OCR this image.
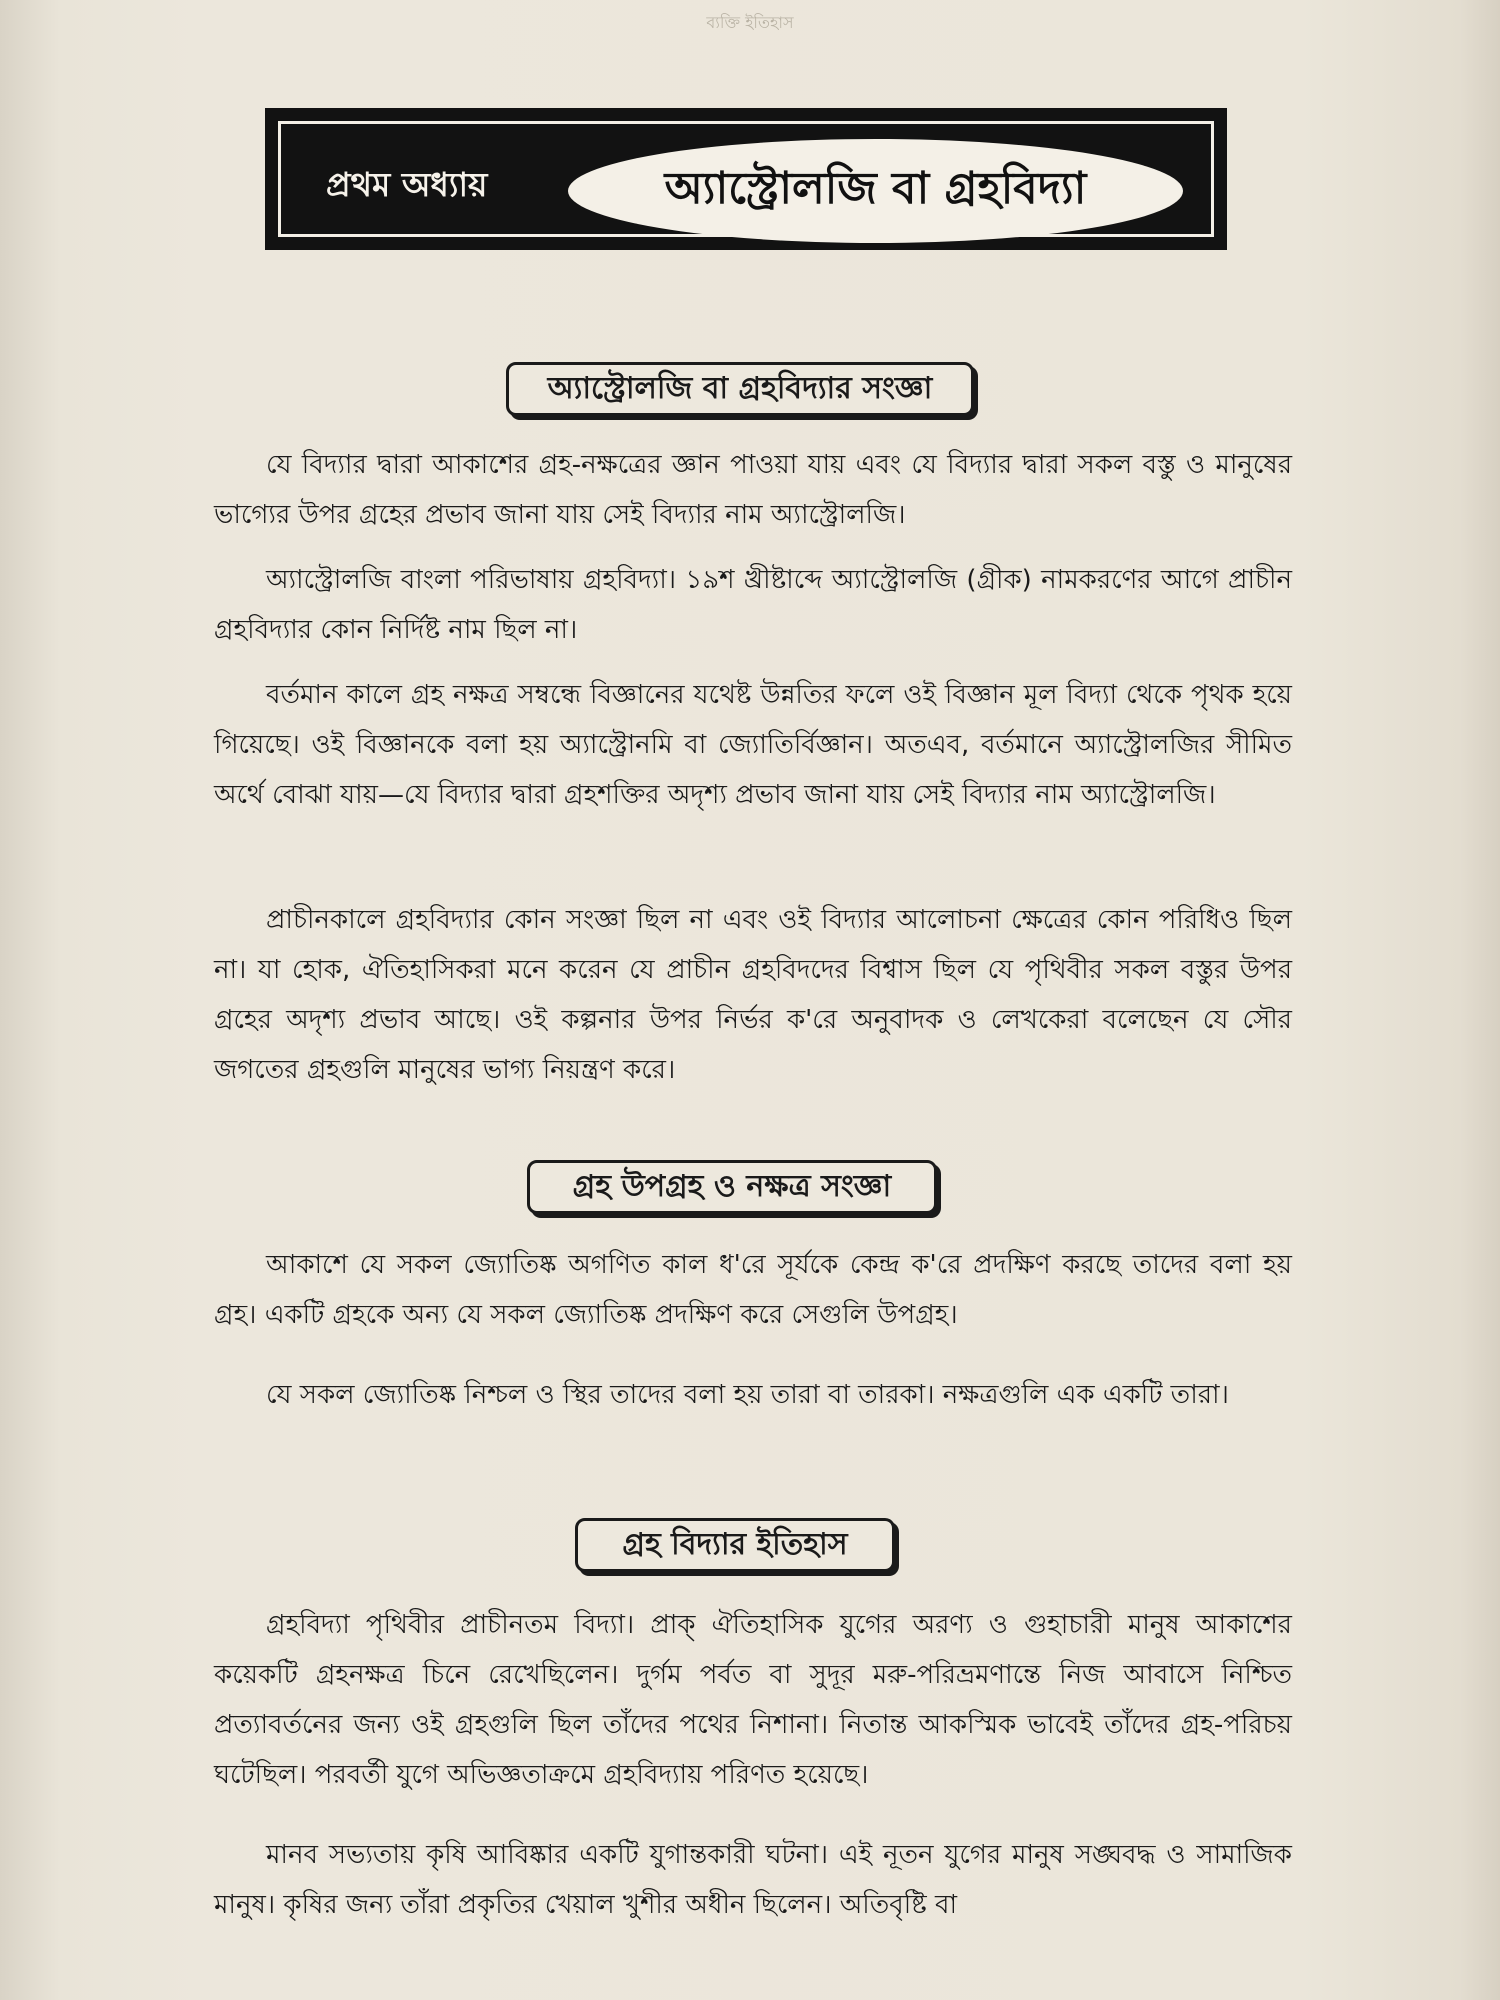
ব্যক্তি ইতিহাস
প্রথম অধ্যায়	অ্যাস্ট্রোলজি বা গ্রহবিদ্যা
অ্যাস্ট্রোলজি বা গ্রহবিদ্যার সংজ্ঞা

যে বিদ্যার দ্বারা আকাশের গ্রহ-নক্ষত্রের জ্ঞান পাওয়া যায় এবং যে বিদ্যার দ্বারা সকল বস্তু ও মানুষের ভাগ্যের উপর গ্রহের প্রভাব জানা যায় সেই বিদ্যার নাম অ্যাস্ট্রোলজি।

অ্যাস্ট্রোলজি বাংলা পরিভাষায় গ্রহবিদ্যা। ১৯শ খ্রীষ্টাব্দে অ্যাস্ট্রোলজি (গ্রীক) নামকরণের আগে প্রাচীন গ্রহবিদ্যার কোন নির্দিষ্ট নাম ছিল না।

বর্তমান কালে গ্রহ নক্ষত্র সম্বন্ধে বিজ্ঞানের যথেষ্ট উন্নতির ফলে ওই বিজ্ঞান মূল বিদ্যা থেকে পৃথক হয়ে গিয়েছে। ওই বিজ্ঞানকে বলা হয় অ্যাস্ট্রোনমি বা জ্যোতির্বিজ্ঞান। অতএব, বর্তমানে অ্যাস্ট্রোলজির সীমিত অর্থে বোঝা যায়—যে বিদ্যার দ্বারা গ্রহশক্তির অদৃশ্য প্রভাব জানা যায় সেই বিদ্যার নাম অ্যাস্ট্রোলজি।

প্রাচীনকালে গ্রহবিদ্যার কোন সংজ্ঞা ছিল না এবং ওই বিদ্যার আলোচনা ক্ষেত্রের কোন পরিধিও ছিল না। যা হোক, ঐতিহাসিকরা মনে করেন যে প্রাচীন গ্রহবিদদের বিশ্বাস ছিল যে পৃথিবীর সকল বস্তুর উপর গ্রহের অদৃশ্য প্রভাব আছে। ওই কল্পনার উপর নির্ভর ক'রে অনুবাদক ও লেখকেরা বলেছেন যে সৌর জগতের গ্রহগুলি মানুষের ভাগ্য নিয়ন্ত্রণ করে।

গ্রহ উপগ্রহ ও নক্ষত্র সংজ্ঞা

আকাশে যে সকল জ্যোতিষ্ক অগণিত কাল ধ'রে সূর্যকে কেন্দ্র ক'রে প্রদক্ষিণ করছে তাদের বলা হয় গ্রহ। একটি গ্রহকে অন্য যে সকল জ্যোতিষ্ক প্রদক্ষিণ করে সেগুলি উপগ্রহ।

যে সকল জ্যোতিষ্ক নিশ্চল ও স্থির তাদের বলা হয় তারা বা তারকা। নক্ষত্রগুলি এক একটি তারা।

গ্রহ বিদ্যার ইতিহাস

গ্রহবিদ্যা পৃথিবীর প্রাচীনতম বিদ্যা। প্রাক্‌ ঐতিহাসিক যুগের অরণ্য ও গুহাচারী মানুষ আকাশের কয়েকটি গ্রহনক্ষত্র চিনে রেখেছিলেন। দুর্গম পর্বত বা সুদূর মরু-পরিভ্রমণান্তে নিজ আবাসে নিশ্চিত প্রত্যাবর্তনের জন্য ওই গ্রহগুলি ছিল তাঁদের পথের নিশানা। নিতান্ত আকস্মিক ভাবেই তাঁদের গ্রহ-পরিচয় ঘটেছিল। পরবর্তী যুগে অভিজ্ঞতাক্রমে গ্রহবিদ্যায় পরিণত হয়েছে।

মানব সভ্যতায় কৃষি আবিষ্কার একটি যুগান্তকারী ঘটনা। এই নূতন যুগের মানুষ সঙ্ঘবদ্ধ ও সামাজিক মানুষ। কৃষির জন্য তাঁরা প্রকৃতির খেয়াল খুশীর অধীন ছিলেন। অতিবৃষ্টি বা
